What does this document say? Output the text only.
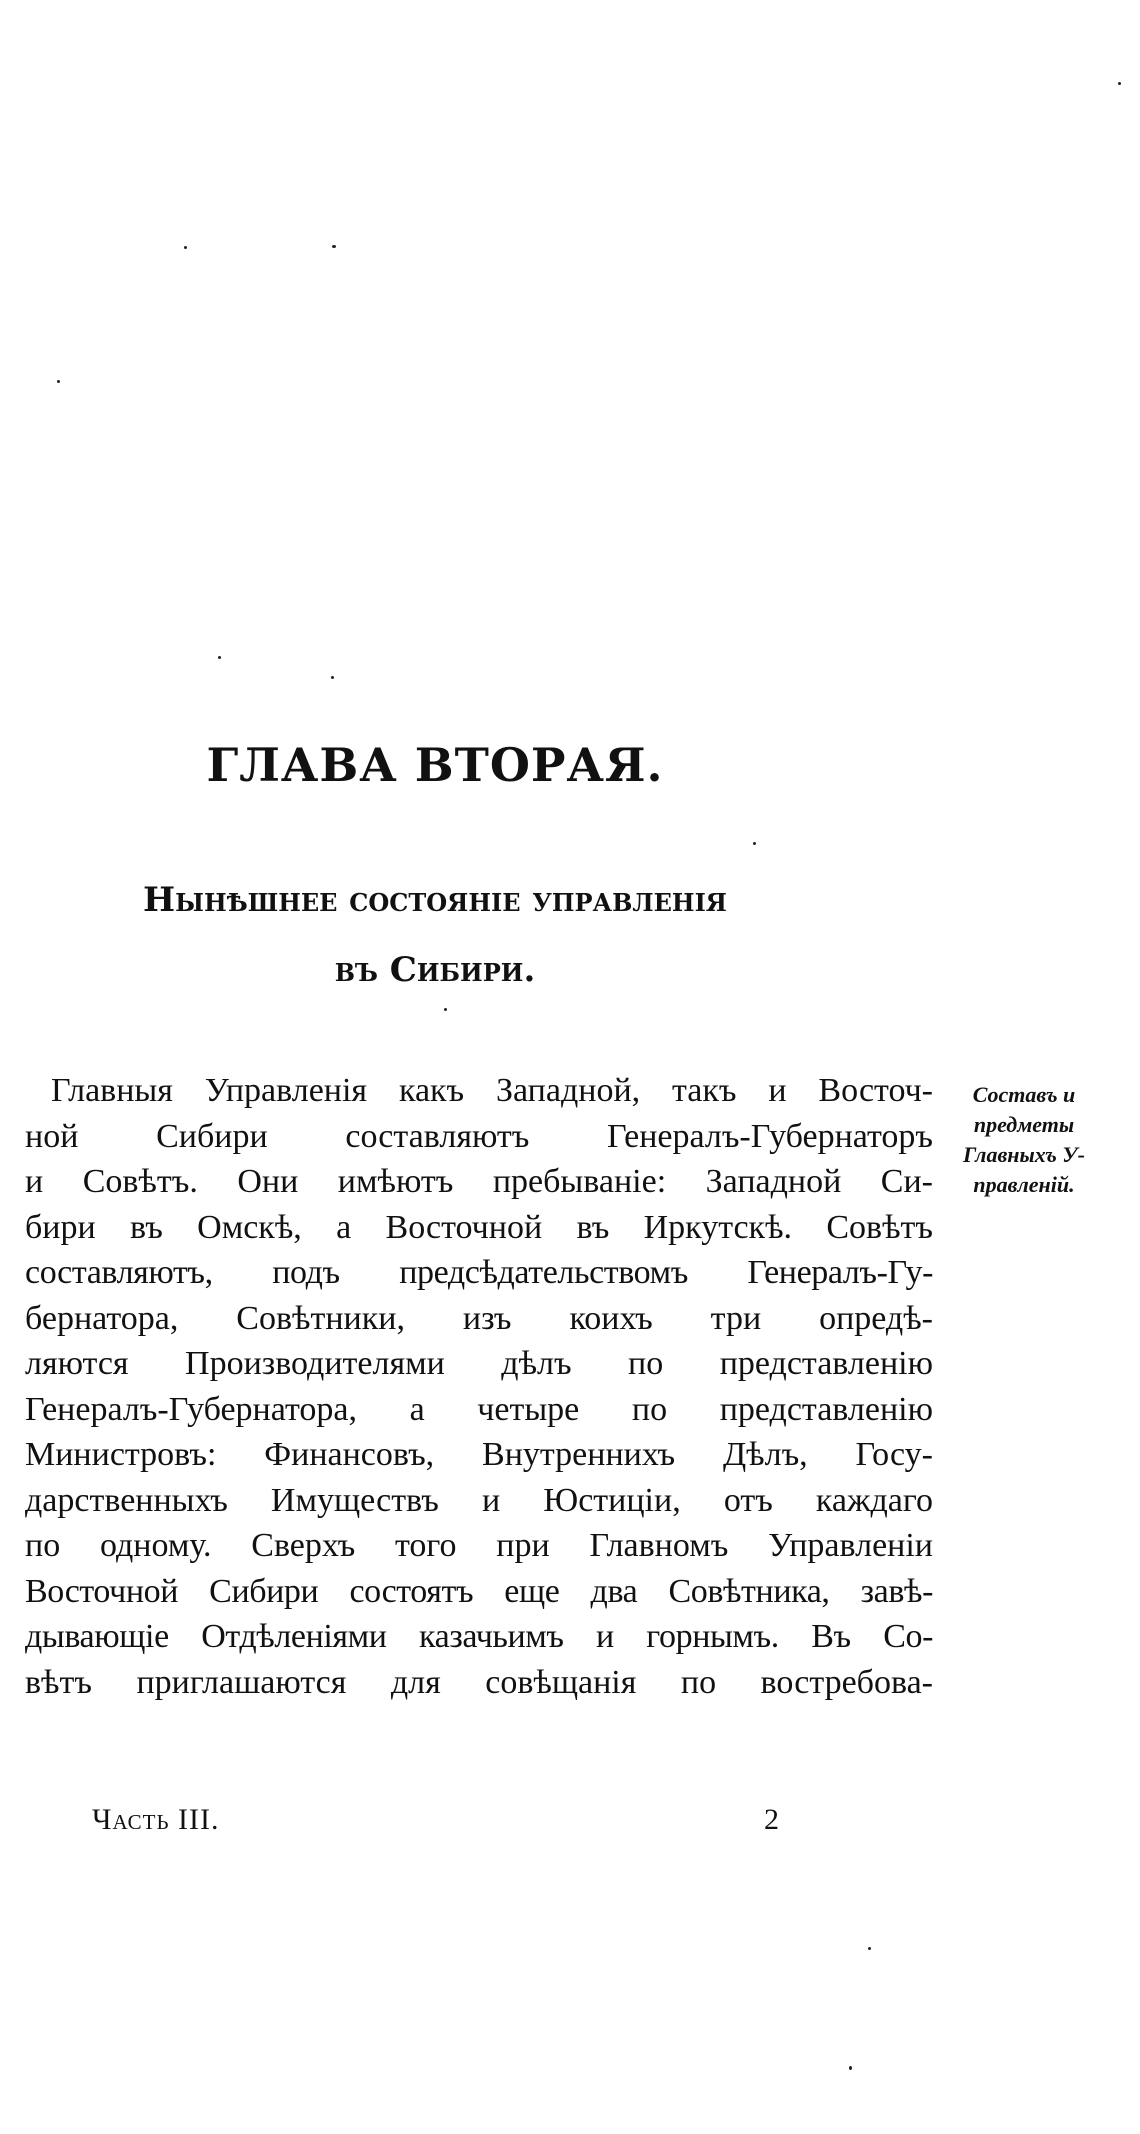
ГЛАВА ВТОРАЯ.
Нынѣшнее состояніе управленія
въ Сибири.
Главныя Управленія какъ Западной, такъ и Восточ-
ной Сибири составляютъ Генералъ-Губернаторъ
и Совѣтъ. Они имѣютъ пребываніе: Западной Си-
бири въ Омскѣ, а Восточной въ Иркутскѣ. Совѣтъ
составляютъ, подъ предсѣдательствомъ Генералъ-Гу-
бернатора, Совѣтники, изъ коихъ три опредѣ-
ляются Производителями дѣлъ по представленію
Генералъ-Губернатора, а четыре по представленію
Министровъ: Финансовъ, Внутреннихъ Дѣлъ, Госу-
дарственныхъ Имуществъ и Юстиціи, отъ каждаго
по одному. Сверхъ того при Главномъ Управленіи
Восточной Сибири состоятъ еще два Совѣтника, завѣ-
дывающіе Отдѣленіями казачьимъ и горнымъ. Въ Со-
вѣтъ приглашаются для совѣщанія по востребова-
Составъ и
предметы
Главныхъ У-
правленій.
Часть III.	2
